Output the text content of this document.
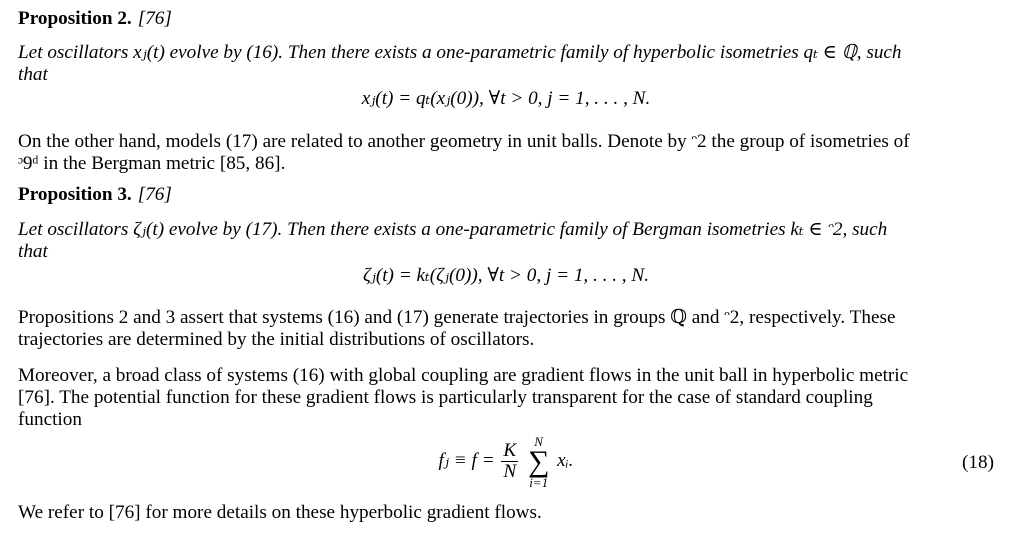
Proposition 2. [76]
Let oscillators xⱼ(t) evolve by (16). Then there exists a one-parametric family of hyperbolic isometries qₜ ∈ ℚ, such
that
xⱼ(t) = qₜ(xⱼ(0)), ∀t > 0, j = 1, . . . , N.
On the other hand, models (17) are related to another geometry in unit balls. Denote by ᵔ2 the group of isometries of
ᵓ9ᵈ in the Bergman metric [85, 86].
Proposition 3. [76]
Let oscillators ζⱼ(t) evolve by (17). Then there exists a one-parametric family of Bergman isometries kₜ ∈ ᵔ2, such
that
ζⱼ(t) = kₜ(ζⱼ(0)), ∀t > 0, j = 1, . . . , N.
Propositions 2 and 3 assert that systems (16) and (17) generate trajectories in groups ℚ and ᵔ2, respectively. These
trajectories are determined by the initial distributions of oscillators.
Moreover, a broad class of systems (16) with global coupling are gradient flows in the unit ball in hyperbolic metric
[76]. The potential function for these gradient flows is particularly transparent for the case of standard coupling
function
fⱼ ≡ $f = \frac{K}{N}$
	N
∑
i=1
xᵢ.	(18)
We refer to [76] for more details on these hyperbolic gradient flows.
